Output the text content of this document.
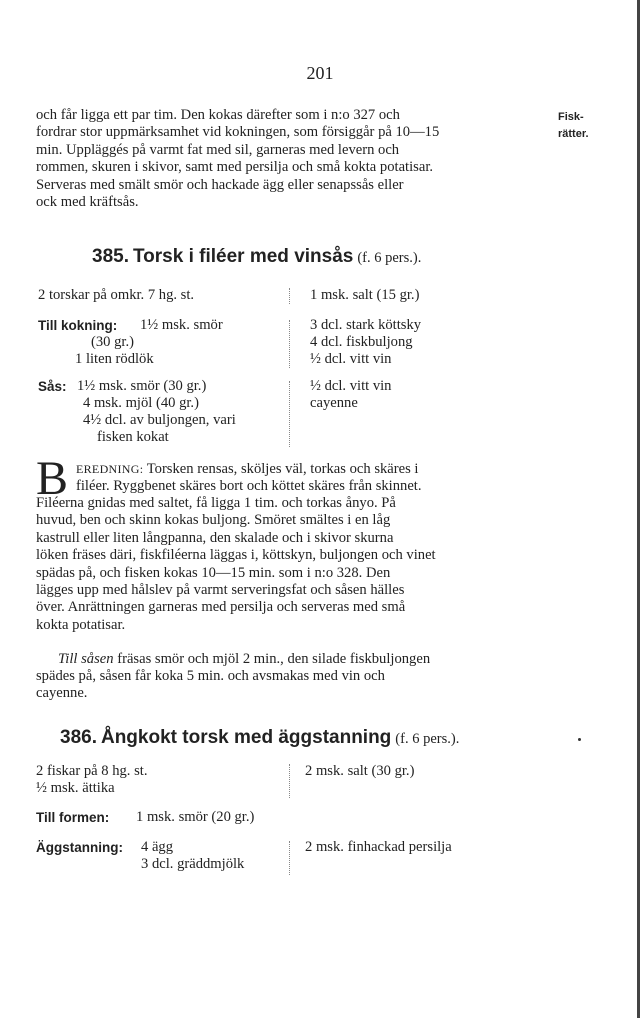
201
Fisk-
rätter.
och får ligga ett par tim. Den kokas därefter som i n:o 327 och
fordrar stor uppmärksamhet vid kokningen, som försiggår på 10—15
min. Uppläggés på varmt fat med sil, garneras med levern och
rommen, skuren i skivor, samt med persilja och små kokta potatisar.
Serveras med smält smör och hackade ägg eller senapssås eller
ock med kräftsås.
385. Torsk i filéer med vinsås (f. 6 pers.).
2 torskar på omkr. 7 hg. st.	1 msk. salt (15 gr.)
Till kokning: 1½ msk. smör
(30 gr.)
1 liten rödlök
3 dcl. stark köttsky
4 dcl. fiskbuljong
½ dcl. vitt vin
Sås: 1½ msk. smör (30 gr.)
4 msk. mjöl (40 gr.)
4½ dcl. av buljongen, vari
fisken kokat
½ dcl. vitt vin
cayenne
B EREDNING: Torsken rensas, sköljes väl, torkas och skäres i
filéer. Ryggbenet skäres bort och köttet skäres från skinnet.
Filéerna gnidas med saltet, få ligga 1 tim. och torkas ånyo. På
huvud, ben och skinn kokas buljong. Smöret smältes i en låg
kastrull eller liten långpanna, den skalade och i skivor skurna
löken fräses däri, fiskfiléerna läggas i, köttskyn, buljongen och vinet
spädas på, och fisken kokas 10—15 min. som i n:o 328. Den
lägges upp med hålslev på varmt serveringsfat och såsen hälles
över. Anrättningen garneras med persilja och serveras med små
kokta potatisar.
Till såsen fräsas smör och mjöl 2 min., den silade fiskbuljongen
spädes på, såsen får koka 5 min. och avsmakas med vin och
cayenne.
386. Ångkokt torsk med äggstanning (f. 6 pers.).
2 fiskar på 8 hg. st.
½ msk. ättika
2 msk. salt (30 gr.)
Till formen: 1 msk. smör (20 gr.)
Äggstanning: 4 ägg
3 dcl. gräddmjölk
2 msk. finhackad persilja
